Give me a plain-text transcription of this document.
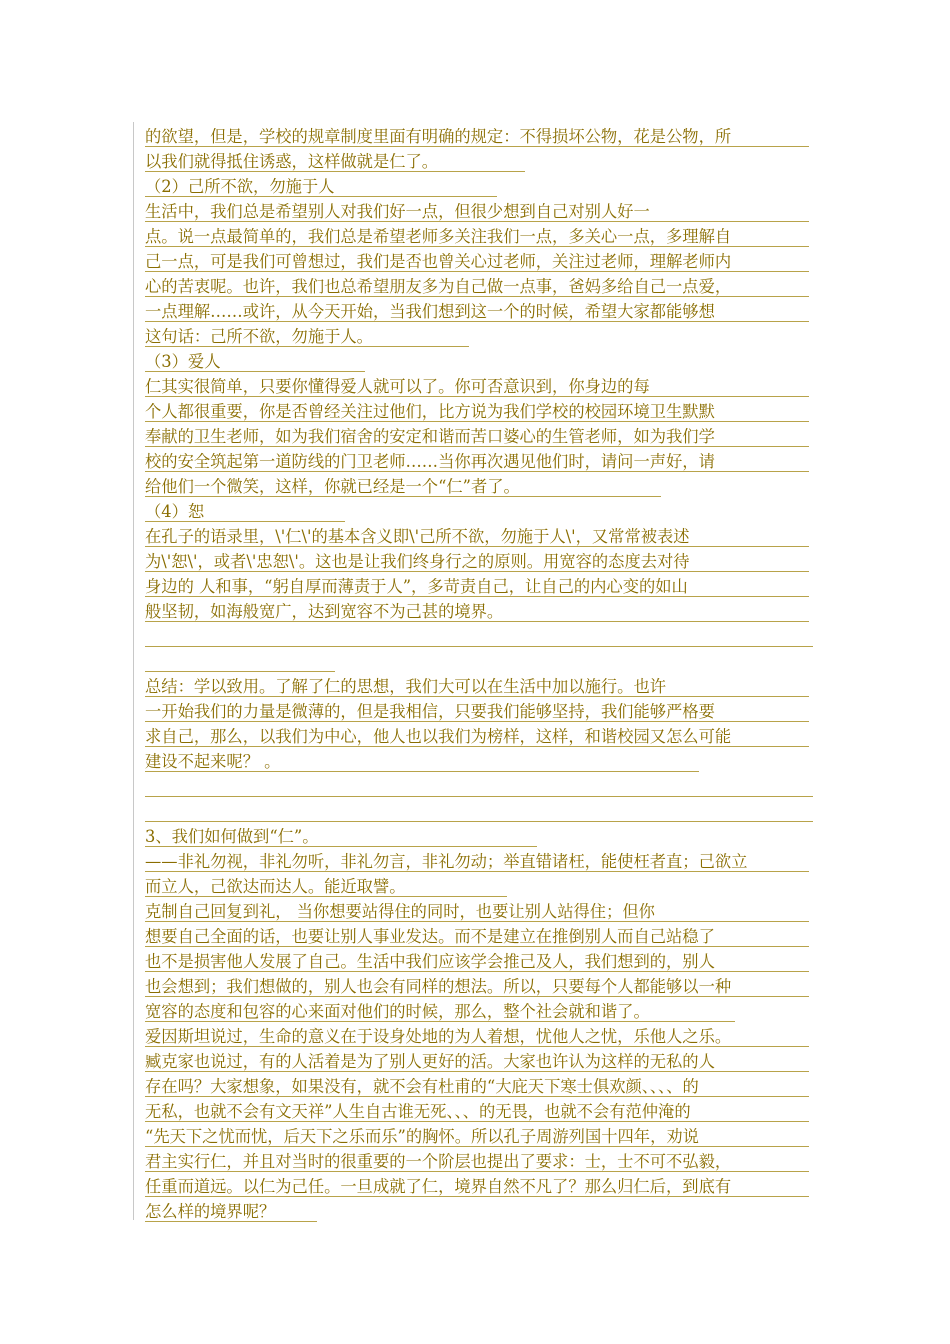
的欲望，但是，学校的规章制度里面有明确的规定：不得损坏公物，花是公物，所
以我们就得抵住诱惑，这样做就是仁了。
（2）己所不欲，勿施于人
生活中，我们总是希望别人对我们好一点，但很少想到自己对别人好一
点。说一点最简单的，我们总是希望老师多关注我们一点，多关心一点，多理解自
己一点，可是我们可曾想过，我们是否也曾关心过老师，关注过老师，理解老师内
心的苦衷呢。也许，我们也总希望朋友多为自己做一点事，爸妈多给自己一点爱，
一点理解……或许，从今天开始，当我们想到这一个的时候，希望大家都能够想
这句话：己所不欲，勿施于人。
（3）爱人
仁其实很简单，只要你懂得爱人就可以了。你可否意识到，你身边的每
个人都很重要，你是否曾经关注过他们，比方说为我们学校的校园环境卫生默默
奉献的卫生老师，如为我们宿舍的安定和谐而苦口婆心的生管老师，如为我们学
校的安全筑起第一道防线的门卫老师……当你再次遇见他们时，请问一声好，请
给他们一个微笑，这样，你就已经是一个“仁”者了。
（4）恕
在孔子的语录里，\'仁\'的基本含义即\'己所不欲，勿施于人\'，又常常被表述
为\'恕\'，或者\'忠恕\'。这也是让我们终身行之的原则。用宽容的态度去对待
身边的 人和事，“躬自厚而薄责于人”，多苛责自己，让自己的内心变的如山
般坚韧，如海般宽广，达到宽容不为己甚的境界。
总结：学以致用。了解了仁的思想，我们大可以在生活中加以施行。也许
一开始我们的力量是微薄的，但是我相信，只要我们能够坚持，我们能够严格要
求自己，那么，以我们为中心，他人也以我们为榜样，这样，和谐校园又怎么可能
建设不起来呢？ 。
3、我们如何做到“仁”。
——非礼勿视，非礼勿听，非礼勿言，非礼勿动；举直错诸枉，能使枉者直；己欲立
而立人，己欲达而达人。能近取譬。
克制自己回复到礼， 当你想要站得住的同时，也要让别人站得住；但你
想要自己全面的话，也要让别人事业发达。而不是建立在推倒别人而自己站稳了
也不是损害他人发展了自己。生活中我们应该学会推己及人，我们想到的，别人
也会想到；我们想做的，别人也会有同样的想法。所以，只要每个人都能够以一种
宽容的态度和包容的心来面对他们的时候，那么，整个社会就和谐了。
爱因斯坦说过，生命的意义在于设身处地的为人着想，忧他人之忧，乐他人之乐。
臧克家也说过，有的人活着是为了别人更好的活。大家也许认为这样的无私的人
存在吗？大家想象，如果没有，就不会有杜甫的“大庇天下寒士俱欢颜、、、、的
无私，也就不会有文天祥”人生自古谁无死、、、的无畏，也就不会有范仲淹的
“先天下之忧而忧，后天下之乐而乐”的胸怀。所以孔子周游列国十四年，劝说
君主实行仁，并且对当时的很重要的一个阶层也提出了要求：士，士不可不弘毅，
任重而道远。以仁为己任。一旦成就了仁，境界自然不凡了？那么归仁后，到底有
怎么样的境界呢？
